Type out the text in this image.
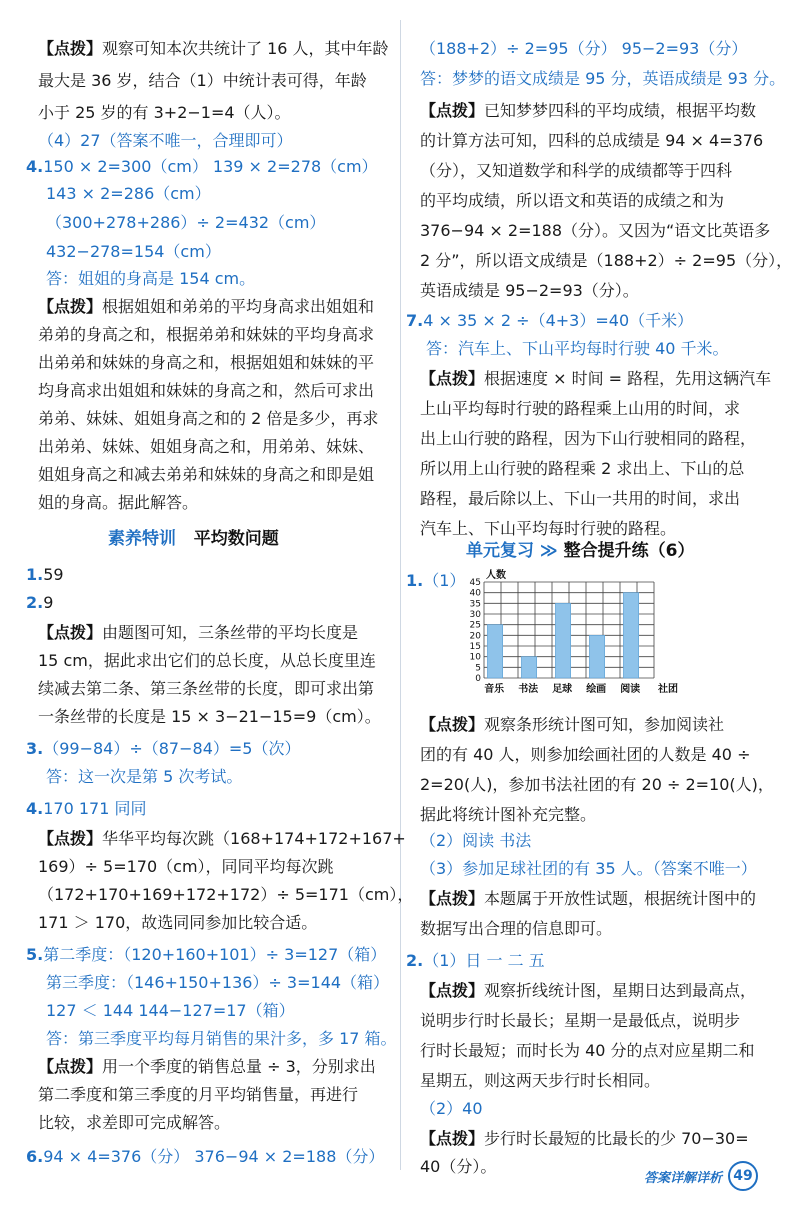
【点拨】观察可知本次共统计了 16 人，其中年龄
最大是 36 岁，结合（1）中统计表可得，年龄
小于 25 岁的有 3+2−1=4（人）。
（4）27（答案不唯一，合理即可）
4.150 × 2=300（cm） 139 × 2=278（cm）
143 × 2=286（cm）
（300+278+286）÷ 2=432（cm）
432−278=154（cm）
答：姐姐的身高是 154 cm。
【点拨】根据姐姐和弟弟的平均身高求出姐姐和
弟弟的身高之和，根据弟弟和妹妹的平均身高求
出弟弟和妹妹的身高之和，根据姐姐和妹妹的平
均身高求出姐姐和妹妹的身高之和，然后可求出
弟弟、妹妹、姐姐身高之和的 2 倍是多少，再求
出弟弟、妹妹、姐姐身高之和，用弟弟、妹妹、
姐姐身高之和减去弟弟和妹妹的身高之和即是姐
姐的身高。据此解答。
1.59
2.9
【点拨】由题图可知，三条丝带的平均长度是
15 cm，据此求出它们的总长度，从总长度里连
续减去第二条、第三条丝带的长度，即可求出第
一条丝带的长度是 15 × 3−21−15=9（cm）。
3.（99−84）÷（87−84）=5（次）
答：这一次是第 5 次考试。
4.170 171 同同
【点拨】华华平均每次跳（168+174+172+167+
169）÷ 5=170（cm），同同平均每次跳
（172+170+169+172+172）÷ 5=171（cm），
171 ＞ 170，故选同同参加比较合适。
5.第二季度：（120+160+101）÷ 3=127（箱）
第三季度：（146+150+136）÷ 3=144（箱）
127 ＜ 144 144−127=17（箱）
答：第三季度平均每月销售的果汁多，多 17 箱。
【点拨】用一个季度的销售总量 ÷ 3，分别求出
第二季度和第三季度的月平均销售量，再进行
比较，求差即可完成解答。
6.94 × 4=376（分） 376−94 × 2=188（分）
素养特训 平均数问题
（188+2）÷ 2=95（分） 95−2=93（分）
答：梦梦的语文成绩是 95 分，英语成绩是 93 分。
【点拨】已知梦梦四科的平均成绩，根据平均数
的计算方法可知，四科的总成绩是 94 × 4=376
（分），又知道数学和科学的成绩都等于四科
的平均成绩，所以语文和英语的成绩之和为
376−94 × 2=188（分）。又因为“语文比英语多
2 分”，所以语文成绩是（188+2）÷ 2=95（分），
英语成绩是 95−2=93（分）。
7.4 × 35 × 2 ÷（4+3）=40（千米）
答：汽车上、下山平均每时行驶 40 千米。
【点拨】根据速度 × 时间 = 路程，先用这辆汽车
上山平均每时行驶的路程乘上山用的时间，求
出上山行驶的路程，因为下山行驶相同的路程，
所以用上山行驶的路程乘 2 求出上、下山的总
路程，最后除以上、下山一共用的时间，求出
汽车上、下山平均每时行驶的路程。
1.（1）
【点拨】观察条形统计图可知，参加阅读社
团的有 40 人，则参加绘画社团的人数是 40 ÷
2=20(人)，参加书法社团的有 20 ÷ 2=10(人)，
据此将统计图补充完整。
（2）阅读 书法
（3）参加足球社团的有 35 人。（答案不唯一）
【点拨】本题属于开放性试题，根据统计图中的
数据写出合理的信息即可。
2.（1）日 一 二 五
【点拨】观察折线统计图，星期日达到最高点，
说明步行时长最长；星期一是最低点，说明步
行时长最短；而时长为 40 分的点对应星期二和
星期五，则这两天步行时长相同。
（2）40
【点拨】步行时长最短的比最长的少 70−30=
40（分）。
单元复习 ≫ 整合提升练（6）
0
5
10
15
20
25
30
35
40
45
音乐 书法 足球 绘画 阅读
人数
社团
答案详解详析 49
